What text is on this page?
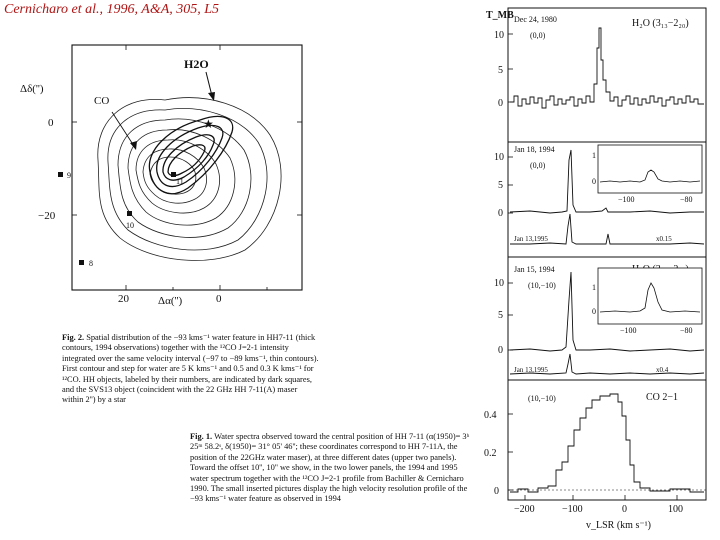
Cernicharo et al., 1996, A&A, 305, L5
0
−20
20	0
Δδ('')
Δα('')
H2O
CO
9
10
8
11
★
Fig. 2. Spatial distribution of the −93 kms⁻¹ water feature in HH7-11 (thick contours, 1994 observations) together with the ¹²CO J=2-1 intensity integrated over the same velocity interval (−97 to −89 kms⁻¹, thin contours). First contour and step for water are 5 K kms⁻¹ and 0.5 and 0.3 K kms⁻¹ for ¹²CO. HH objects, labeled by their numbers, are indicated by dark squares, and the SVS13 object (coincident with the 22 GHz HH 7-11(A) maser within 2'') by a star
Fig. 1. Water spectra observed toward the central position of HH 7-11 (α(1950)= 3ʰ 25ᵐ 58.2ˢ, δ(1950)= 31° 05' 46''; these coordinates correspond to HH 7-11A, the position of the 22GHz water maser), at three different dates (upper two panels). Toward the offset 10'', 10'' we show, in the two lower panels, the 1994 and 1995 water spectrum together with the ¹²CO J=2-1 profile from Bachiller & Cernicharo 1990. The small inserted pictures display the high velocity resolution profile of the −93 kms⁻¹ water feature as observed in 1994
T_MB
10
5
0
10
5
0
10
5
0
0.4
0.2
0
Dec 24, 1980
(0,0)
H₂O (3₁₃−2₂₀)
Jan 18, 1994
(0,0)
Jan 13,1995	x0.15
1
0
−100	−80
Jan 15, 1994
(10,−10)
Jan 13,1995	x0.4
1
0
−100	−80
(10,−10)	CO 2−1
−200	−100	0	100
v_LSR (km s⁻¹)
